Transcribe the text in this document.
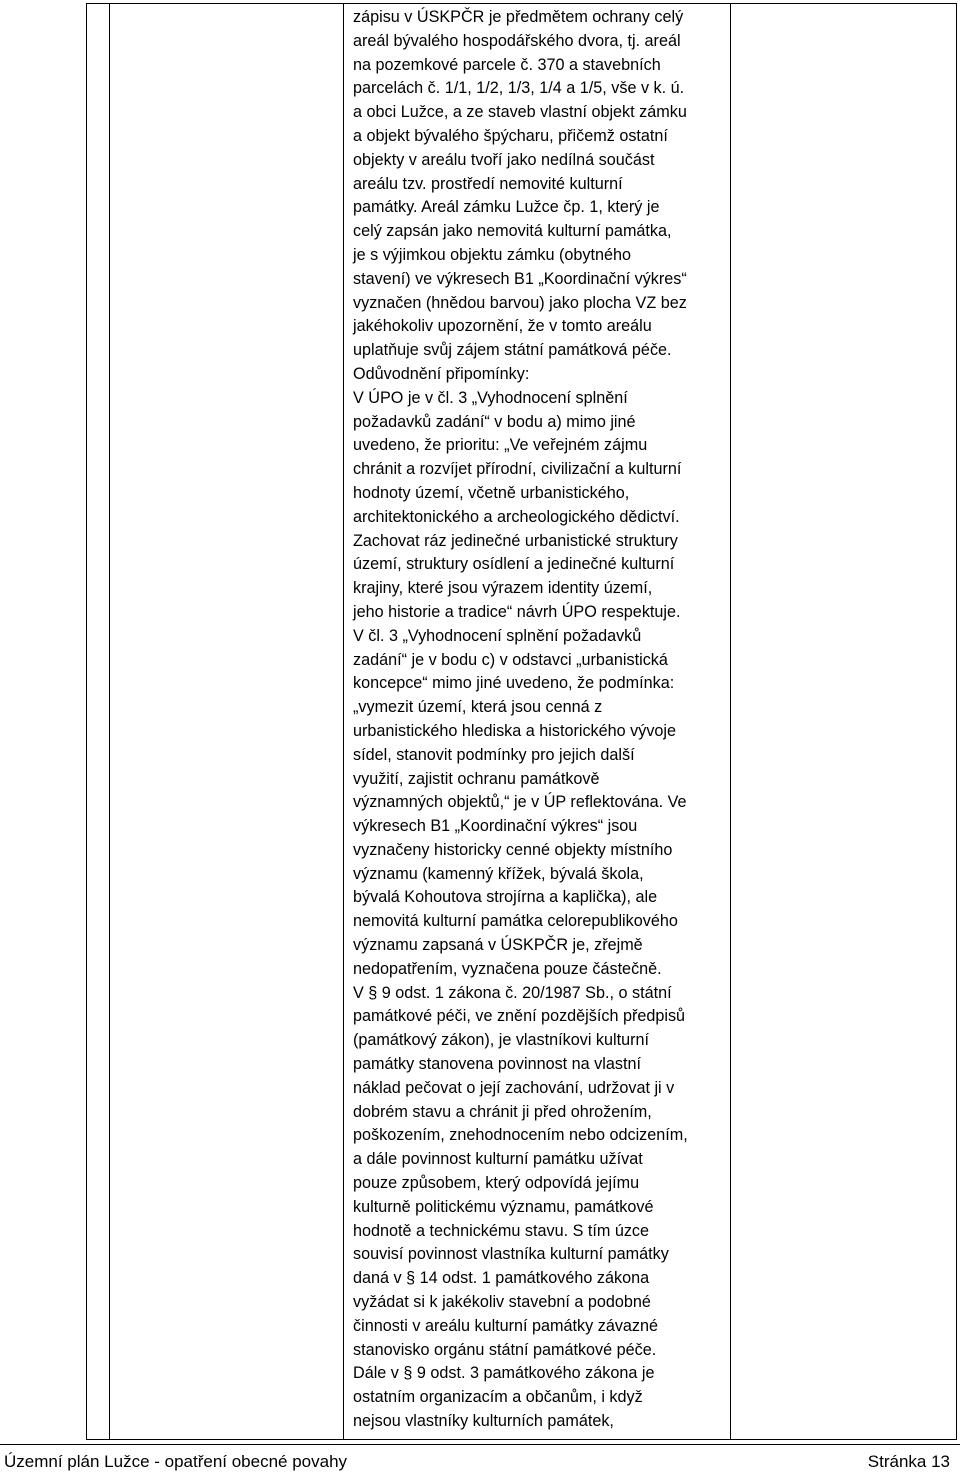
zápisu v ÚSKPČR je předmětem ochrany celý
areál bývalého hospodářského dvora, tj. areál
na pozemkové parcele č. 370 a stavebních
parcelách č. 1/1, 1/2, 1/3, 1/4 a 1/5, vše v k. ú.
a obci Lužce, a ze staveb vlastní objekt zámku
a objekt bývalého špýcharu, přičemž ostatní
objekty v areálu tvoří jako nedílná součást
areálu tzv. prostředí nemovité kulturní
památky. Areál zámku Lužce čp. 1, který je
celý zapsán jako nemovitá kulturní památka,
je s výjimkou objektu zámku (obytného
stavení) ve výkresech B1 „Koordinační výkres“
vyznačen (hnědou barvou) jako plocha VZ bez
jakéhokoliv upozornění, že v tomto areálu
uplatňuje svůj zájem státní památková péče.
Odůvodnění připomínky:
V ÚPO je v čl. 3 „Vyhodnocení splnění
požadavků zadání“ v bodu a) mimo jiné
uvedeno, že prioritu: „Ve veřejném zájmu
chránit a rozvíjet přírodní, civilizační a kulturní
hodnoty území, včetně urbanistického,
architektonického a archeologického dědictví.
Zachovat ráz jedinečné urbanistické struktury
území, struktury osídlení a jedinečné kulturní
krajiny, které jsou výrazem identity území,
jeho historie a tradice“ návrh ÚPO respektuje.
V čl. 3 „Vyhodnocení splnění požadavků
zadání“ je v bodu c) v odstavci „urbanistická
koncepce“ mimo jiné uvedeno, že podmínka:
„vymezit území, která jsou cenná z
urbanistického hlediska a historického vývoje
sídel, stanovit podmínky pro jejich další
využití, zajistit ochranu památkově
významných objektů,“ je v ÚP reflektována. Ve
výkresech B1 „Koordinační výkres“ jsou
vyznačeny historicky cenné objekty místního
významu (kamenný křížek, bývalá škola,
bývalá Kohoutova strojírna a kaplička), ale
nemovitá kulturní památka celorepublikového
významu zapsaná v ÚSKPČR je, zřejmě
nedopatřením, vyznačena pouze částečně.
V § 9 odst. 1 zákona č. 20/1987 Sb., o státní
památkové péči, ve znění pozdějších předpisů
(památkový zákon), je vlastníkovi kulturní
památky stanovena povinnost na vlastní
náklad pečovat o její zachování, udržovat ji v
dobrém stavu a chránit ji před ohrožením,
poškozením, znehodnocením nebo odcizením,
a dále povinnost kulturní památku užívat
pouze způsobem, který odpovídá jejímu
kulturně politickému významu, památkové
hodnotě a technickému stavu. S tím úzce
souvisí povinnost vlastníka kulturní památky
daná v § 14 odst. 1 památkového zákona
vyžádat si k jakékoliv stavební a podobné
činnosti v areálu kulturní památky závazné
stanovisko orgánu státní památkové péče.
Dále v § 9 odst. 3 památkového zákona je
ostatním organizacím a občanům, i když
nejsou vlastníky kulturních památek,
Územní plán Lužce - opatření obecné povahy	Stránka 13
